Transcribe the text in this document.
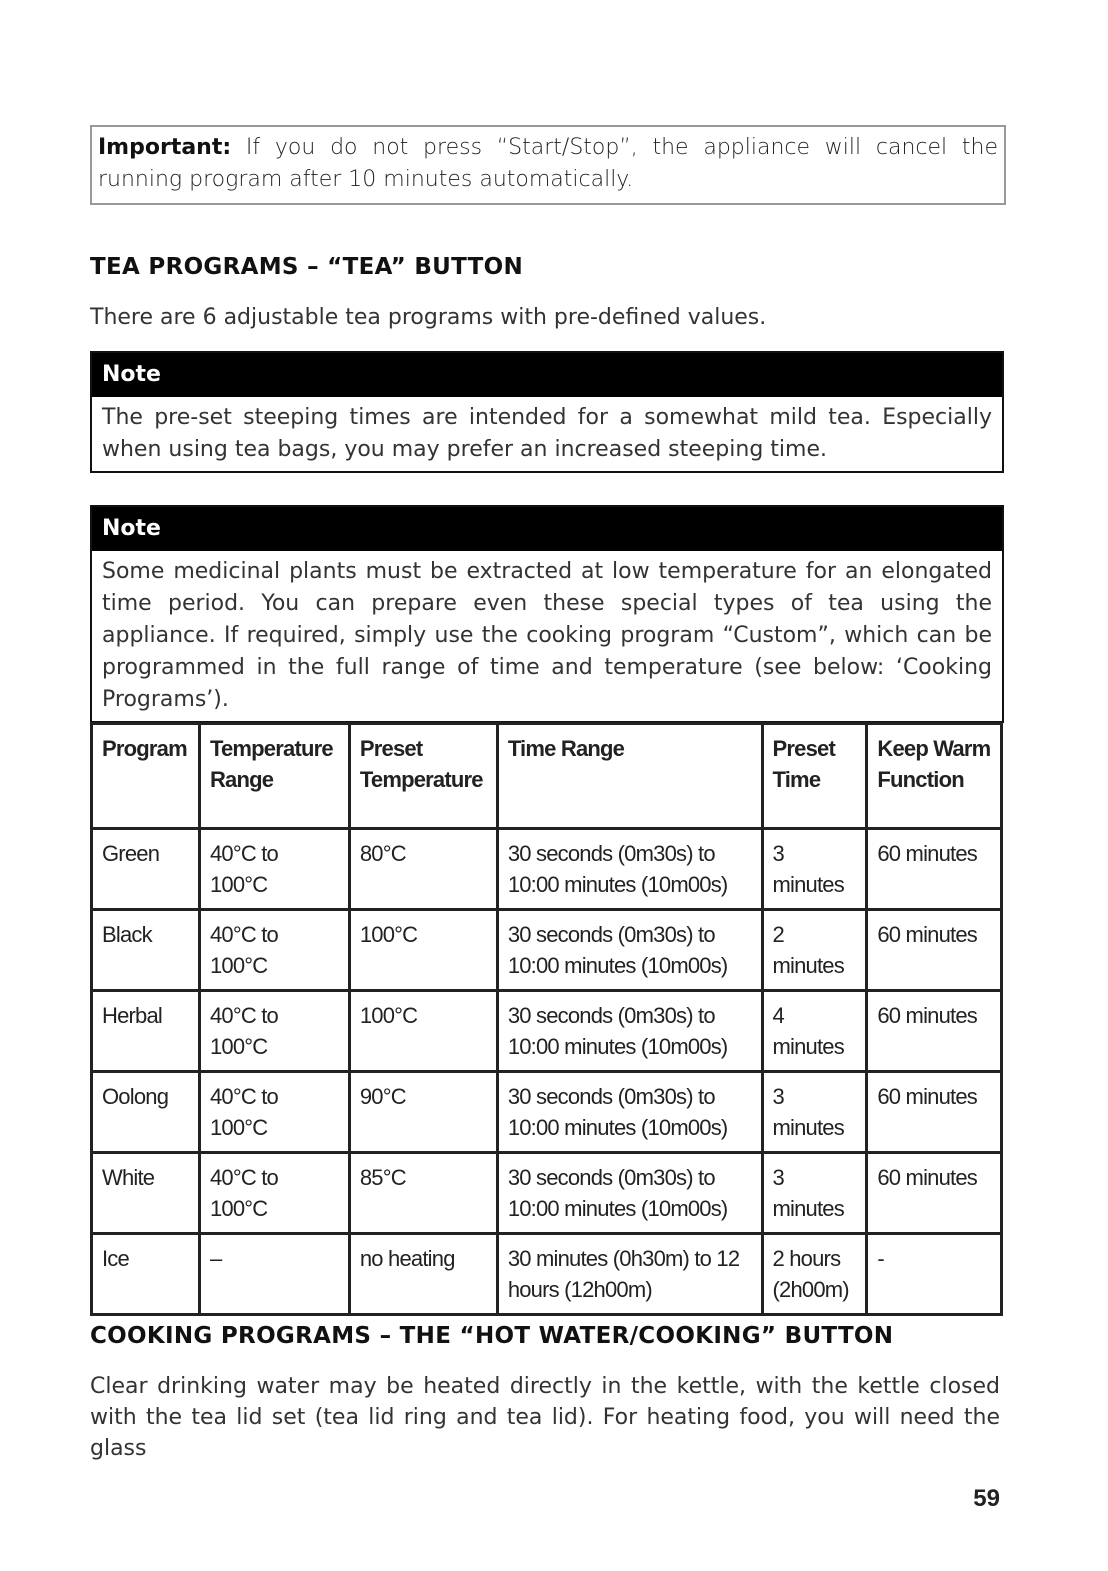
Important: If you do not press “Start/Stop”, the appliance will cancel the running program after 10 minutes automatically.
TEA PROGRAMS – “TEA” BUTTON

There are 6 adjustable tea programs with pre-defined values.

Note
The pre-set steeping times are intended for a somewhat mild tea. Especially when using tea bags, you may prefer an increased steeping time.
Note
Some medicinal plants must be extracted at low temperature for an elongated time period. You can prepare even these special types of tea using the appliance. If required, simply use the cooking program “Custom”, which can be programmed in the full range of time and temperature (see below: ‘Cooking Programs’).
Program	Temperature Range	Preset Temperature	Time Range	Preset Time	Keep Warm Function
Green	40°C to 100°C	80°C	30 seconds (0m30s) to 10:00 minutes (10m00s)	3 minutes	60 minutes
Black	40°C to 100°C	100°C	30 seconds (0m30s) to 10:00 minutes (10m00s)	2 minutes	60 minutes
Herbal	40°C to 100°C	100°C	30 seconds (0m30s) to 10:00 minutes (10m00s)	4 minutes	60 minutes
Oolong	40°C to 100°C	90°C	30 seconds (0m30s) to 10:00 minutes (10m00s)	3 minutes	60 minutes
White	40°C to 100°C	85°C	30 seconds (0m30s) to 10:00 minutes (10m00s)	3 minutes	60 minutes
Ice	–	no heating	30 minutes (0h30m) to 12 hours (12h00m)	2 hours (2h00m)	-
COOKING PROGRAMS – THE “HOT WATER/COOKING” BUTTON

Clear drinking water may be heated directly in the kettle, with the kettle closed with the tea lid set (tea lid ring and tea lid). For heating food, you will need the glass

59
